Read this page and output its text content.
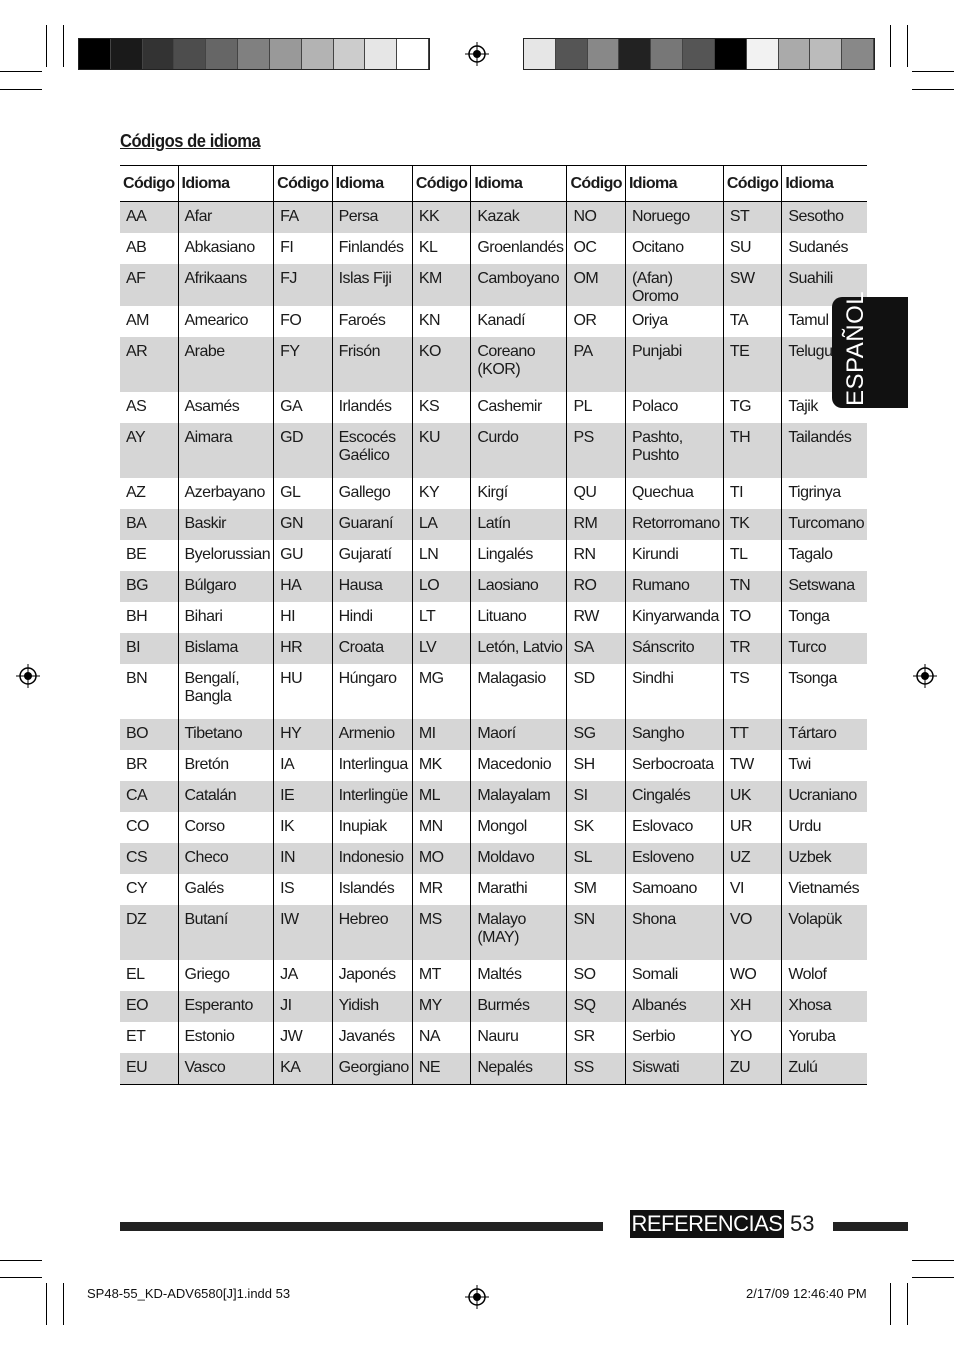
Códigos de idioma
Código	Idioma	Código	Idioma	Código	Idioma	Código	Idioma	Código	Idioma
AA	Afar	FA	Persa	KK	Kazak	NO	Noruego	ST	Sesotho
AB	Abkasiano	FI	Finlandés	KL	Groenlandés	OC	Ocitano	SU	Sudanés
AF	Afrikaans	FJ	Islas Fiji	KM	Camboyano	OM	(Afan) Oromo	SW	Suahili
AM	Amearico	FO	Faroés	KN	Kanadí	OR	Oriya	TA	Tamul
AR	Arabe	FY	Frisón	KO	Coreano (KOR)	PA	Punjabi	TE	Telugu
AS	Asamés	GA	Irlandés	KS	Cashemir	PL	Polaco	TG	Tajik
AY	Aimara	GD	Escocés Gaélico	KU	Curdo	PS	Pashto, Pushto	TH	Tailandés
AZ	Azerbayano	GL	Gallego	KY	Kirgí	QU	Quechua	TI	Tigrinya
BA	Baskir	GN	Guaraní	LA	Latín	RM	Retorromano	TK	Turcomano
BE	Byelorussian	GU	Gujaratí	LN	Lingalés	RN	Kirundi	TL	Tagalo
BG	Búlgaro	HA	Hausa	LO	Laosiano	RO	Rumano	TN	Setswana
BH	Bihari	HI	Hindi	LT	Lituano	RW	Kinyarwanda	TO	Tonga
BI	Bislama	HR	Croata	LV	Letón, Latvio	SA	Sánscrito	TR	Turco
BN	Bengalí, Bangla	HU	Húngaro	MG	Malagasio	SD	Sindhi	TS	Tsonga
BO	Tibetano	HY	Armenio	MI	Maorí	SG	Sangho	TT	Tártaro
BR	Bretón	IA	Interlingua	MK	Macedonio	SH	Serbocroata	TW	Twi
CA	Catalán	IE	Interlingüe	ML	Malayalam	SI	Cingalés	UK	Ucraniano
CO	Corso	IK	Inupiak	MN	Mongol	SK	Eslovaco	UR	Urdu
CS	Checo	IN	Indonesio	MO	Moldavo	SL	Esloveno	UZ	Uzbek
CY	Galés	IS	Islandés	MR	Marathi	SM	Samoano	VI	Vietnamés
DZ	Butaní	IW	Hebreo	MS	Malayo (MAY)	SN	Shona	VO	Volapük
EL	Griego	JA	Japonés	MT	Maltés	SO	Somali	WO	Wolof
EO	Esperanto	JI	Yidish	MY	Burmés	SQ	Albanés	XH	Xhosa
ET	Estonio	JW	Javanés	NA	Nauru	SR	Serbio	YO	Yoruba
EU	Vasco	KA	Georgiano	NE	Nepalés	SS	Siswati	ZU	Zulú
ESPAÑOL
REFERENCIAS 53
SP48-55_KD-ADV6580[J]1.indd 53	2/17/09 12:46:40 PM
